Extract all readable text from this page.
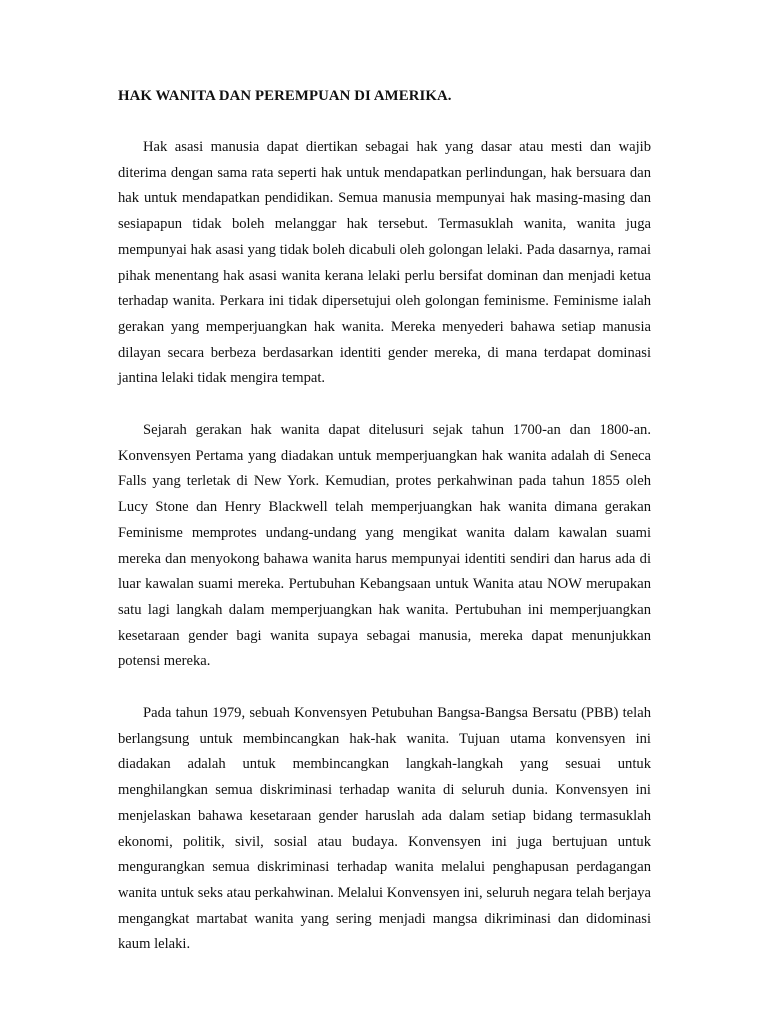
HAK WANITA DAN PEREMPUAN DI AMERIKA.

Hak asasi manusia dapat diertikan sebagai hak yang dasar atau mesti dan wajib diterima dengan sama rata seperti hak untuk mendapatkan perlindungan, hak bersuara dan hak untuk mendapatkan pendidikan. Semua manusia mempunyai hak masing-masing dan sesiapapun tidak boleh melanggar hak tersebut. Termasuklah wanita, wanita juga mempunyai hak asasi yang tidak boleh dicabuli oleh golongan lelaki. Pada dasarnya, ramai pihak menentang hak asasi wanita kerana lelaki perlu bersifat dominan dan menjadi ketua terhadap wanita. Perkara ini tidak dipersetujui oleh golongan feminisme. Feminisme ialah gerakan yang memperjuangkan hak wanita. Mereka menyederi bahawa setiap manusia dilayan secara berbeza berdasarkan identiti gender mereka, di mana terdapat dominasi jantina lelaki tidak mengira tempat.

Sejarah gerakan hak wanita dapat ditelusuri sejak tahun 1700-an dan 1800-an. Konvensyen Pertama yang diadakan untuk memperjuangkan hak wanita adalah di Seneca Falls yang terletak di New York. Kemudian, protes perkahwinan pada tahun 1855 oleh Lucy Stone dan Henry Blackwell telah memperjuangkan hak wanita dimana gerakan Feminisme memprotes undang-undang yang mengikat wanita dalam kawalan suami mereka dan menyokong bahawa wanita harus mempunyai identiti sendiri dan harus ada di luar kawalan suami mereka. Pertubuhan Kebangsaan untuk Wanita atau NOW merupakan satu lagi langkah dalam memperjuangkan hak wanita. Pertubuhan ini memperjuangkan kesetaraan gender bagi wanita supaya sebagai manusia, mereka dapat menunjukkan potensi mereka.

Pada tahun 1979, sebuah Konvensyen Petubuhan Bangsa-Bangsa Bersatu (PBB) telah berlangsung untuk membincangkan hak-hak wanita. Tujuan utama konvensyen ini diadakan adalah untuk membincangkan langkah-langkah yang sesuai untuk menghilangkan semua diskriminasi terhadap wanita di seluruh dunia. Konvensyen ini menjelaskan bahawa kesetaraan gender haruslah ada dalam setiap bidang termasuklah ekonomi, politik, sivil, sosial atau budaya. Konvensyen ini juga bertujuan untuk mengurangkan semua diskriminasi terhadap wanita melalui penghapusan perdagangan wanita untuk seks atau perkahwinan. Melalui Konvensyen ini, seluruh negara telah berjaya mengangkat martabat wanita yang sering menjadi mangsa dikriminasi dan didominasi kaum lelaki.
